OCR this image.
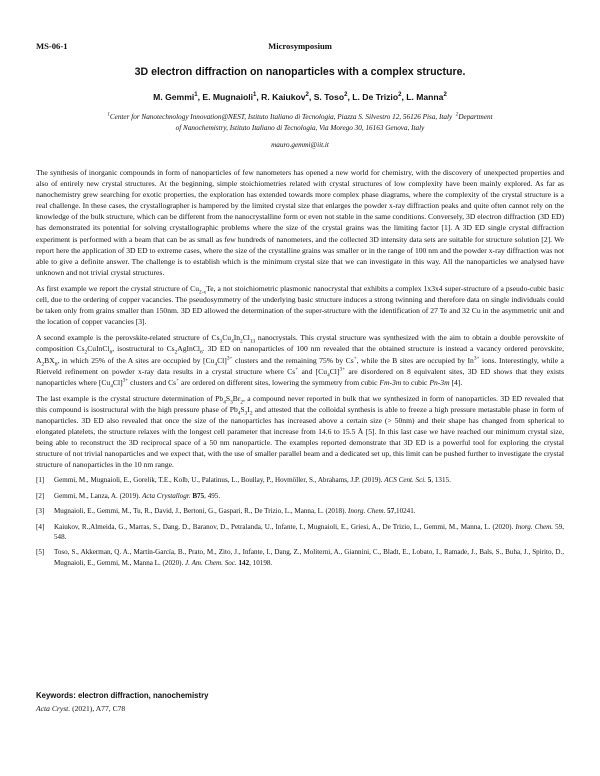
MS-06-1	Microsymposium
3D electron diffraction on nanoparticles with a complex structure.
M. Gemmi$^1$, E. Mugnaioli$^1$, R. Kaiukov$^2$, S. Toso$^2$, L. De Trizio$^2$, L. Manna$^2$
$^1$Center for Nanotechnology Innovation@NEST, Istituto Italiano di Tecnologia, Piazza S. Silvestro 12, 56126 Pisa, Italy $^2$Department
of Nanochemistry, Istituto Italiano di Tecnologia, Via Morego 30, 16163 Genova, Italy
mauro.gemmi@iit.it

The synthesis of inorganic compounds in form of nanoparticles of few nanometers has opened a new world for chemistry, with the discovery of unexpected properties and also of entirely new crystal structures. At the beginning, simple stoichiometries related with crystal structures of low complexity have been mainly explored. As far as nanochemistry grew searching for exotic properties, the exploration has extended towards more complex phase diagrams, where the complexity of the crystal structure is a real challenge. In these cases, the crystallographer is hampered by the limited crystal size that enlarges the powder x-ray diffraction peaks and quite often cannot rely on the knowledge of the bulk structure, which can be different from the nanocrystalline form or even not stable in the same conditions. Conversely, 3D electron diffraction (3D ED) has demonstrated its potential for solving crystallographic problems where the size of the crystal grains was the limiting factor [1]. A 3D ED single crystal diffraction experiment is performed with a beam that can be as small as few hundreds of nanometers, and the collected 3D intensity data sets are suitable for structure solution [2]. We report here the application of 3D ED to extreme cases, where the size of the crystalline grains was smaller or in the range of 100 nm and the powder x-ray diffraction was not able to give a definite answer. The challenge is to establish which is the minimum crystal size that we can investigate in this way. All the nanoparticles we analysed have unknown and not trivial crystal structures.

As first example we report the crystal structure of $Cu_{2-x}Te$, a not stoichiometric plasmonic nanocrystal that exhibits a complex 1x3x4 super-structure of a pseudo-cubic basic cell, due to the ordering of copper vacancies. The pseudosymmetry of the underlying basic structure induces a strong twinning and therefore data on single individuals could be taken only from grains smaller than 150nm. 3D ED allowed the determination of the super-structure with the identification of 27 Te and 32 Cu in the asymmetric unit and the location of copper vacancies [3].

A second example is the perovskite-related structure of $Cs_3Cu_4In_2Cl_{13}$ nanocrystals. This crystal structure was synthesized with the aim to obtain a double perovskite of composition $Cs_2CuInCl_6$, isostructural to $Cs_2AgInCl_6$. 3D ED on nanoparticles of 100 nm revealed that the obtained structure is instead a vacancy ordered perovskite, $A_2BX_6$, in which 25% of the A sites are occupied by $[Cu_4Cl]^{3+}$ clusters and the remaining 75% by Cs+, while the B sites are occupied by $In^{3+}$ ions. Interestingly, while a Rietveld refinement on powder x-ray data results in a crystal structure where Cs+ and $[Cu_4Cl]^{3+}$ are disordered on 8 equivalent sites, 3D ED shows that they exists nanoparticles where $[Cu_4Cl]^{3+}$ clusters and Cs+ are ordered on different sites, lowering the symmetry from cubic Fm-3m to cubic Pn-3m [4].

The last example is the crystal structure determination of $Pb_4S_3Br_2$, a compound never reported in bulk that we synthesized in form of nanoparticles. 3D ED revealed that this compound is isostructural with the high pressure phase of $Pb_4S_3I_2$ and attested that the colloidal synthesis is able to freeze a high pressure metastable phase in form of nanoparticles. 3D ED also revealed that once the size of the nanoparticles has increased above a certain size (> 50nm) and their shape has changed from spherical to elongated platelets, the structure relaxes with the longest cell parameter that increase from 14.6 to 15.5 Å [5]. In this last case we have reached our minimum crystal size, being able to reconstruct the 3D reciprocal space of a 50 nm nanoparticle. The examples reported demonstrate that 3D ED is a powerful tool for exploring the crystal structure of not trivial nanoparticles and we expect that, with the use of smaller parallel beam and a dedicated set up, this limit can be pushed further to investigate the crystal structure of nanoparticles in the 10 nm range.

[1]	Gemmi, M., Mugnaioli, E., Gorelik, T.E., Kolb, U., Palatinus, L., Boullay, P., Hovmöller, S., Abrahams, J.P. (2019). ACS Cent. Sci. 5, 1315.
[2]	Gemmi, M., Lanza, A. (2019). Acta Crystallogr. B75, 495.
[3]	Mugnaioli, E., Gemmi, M., Tu, R., David, J., Bertoni, G., Gaspari, R., De Trizio, L., Manna, L. (2018). Inorg. Chem. 57,10241.
[4]	Kaiukov, R.,Almeida, G., Marras, S., Dang, D., Baranov, D., Petralanda, U., Infante, I., Mugnaioli, E., Griesi, A., De Trizio, L., Gemmi, M., Manna, L. (2020). Inorg. Chem. 59, 548.
[5]	Toso, S., Akkerman, Q. A., Martín-García, B., Prato, M., Zito, J., Infante, I., Dang, Z., Moliterni, A., Giannini, C., Bladt, E., Lobato, I., Ramade, J., Bals, S., Buha, J., Spirito, D., Mugnaioli, E., Gemmi, M., Manna L. (2020). J. Am. Chem. Soc. 142, 10198.
Keywords: electron diffraction, nanochemistry
Acta Cryst. (2021), A77, C78
